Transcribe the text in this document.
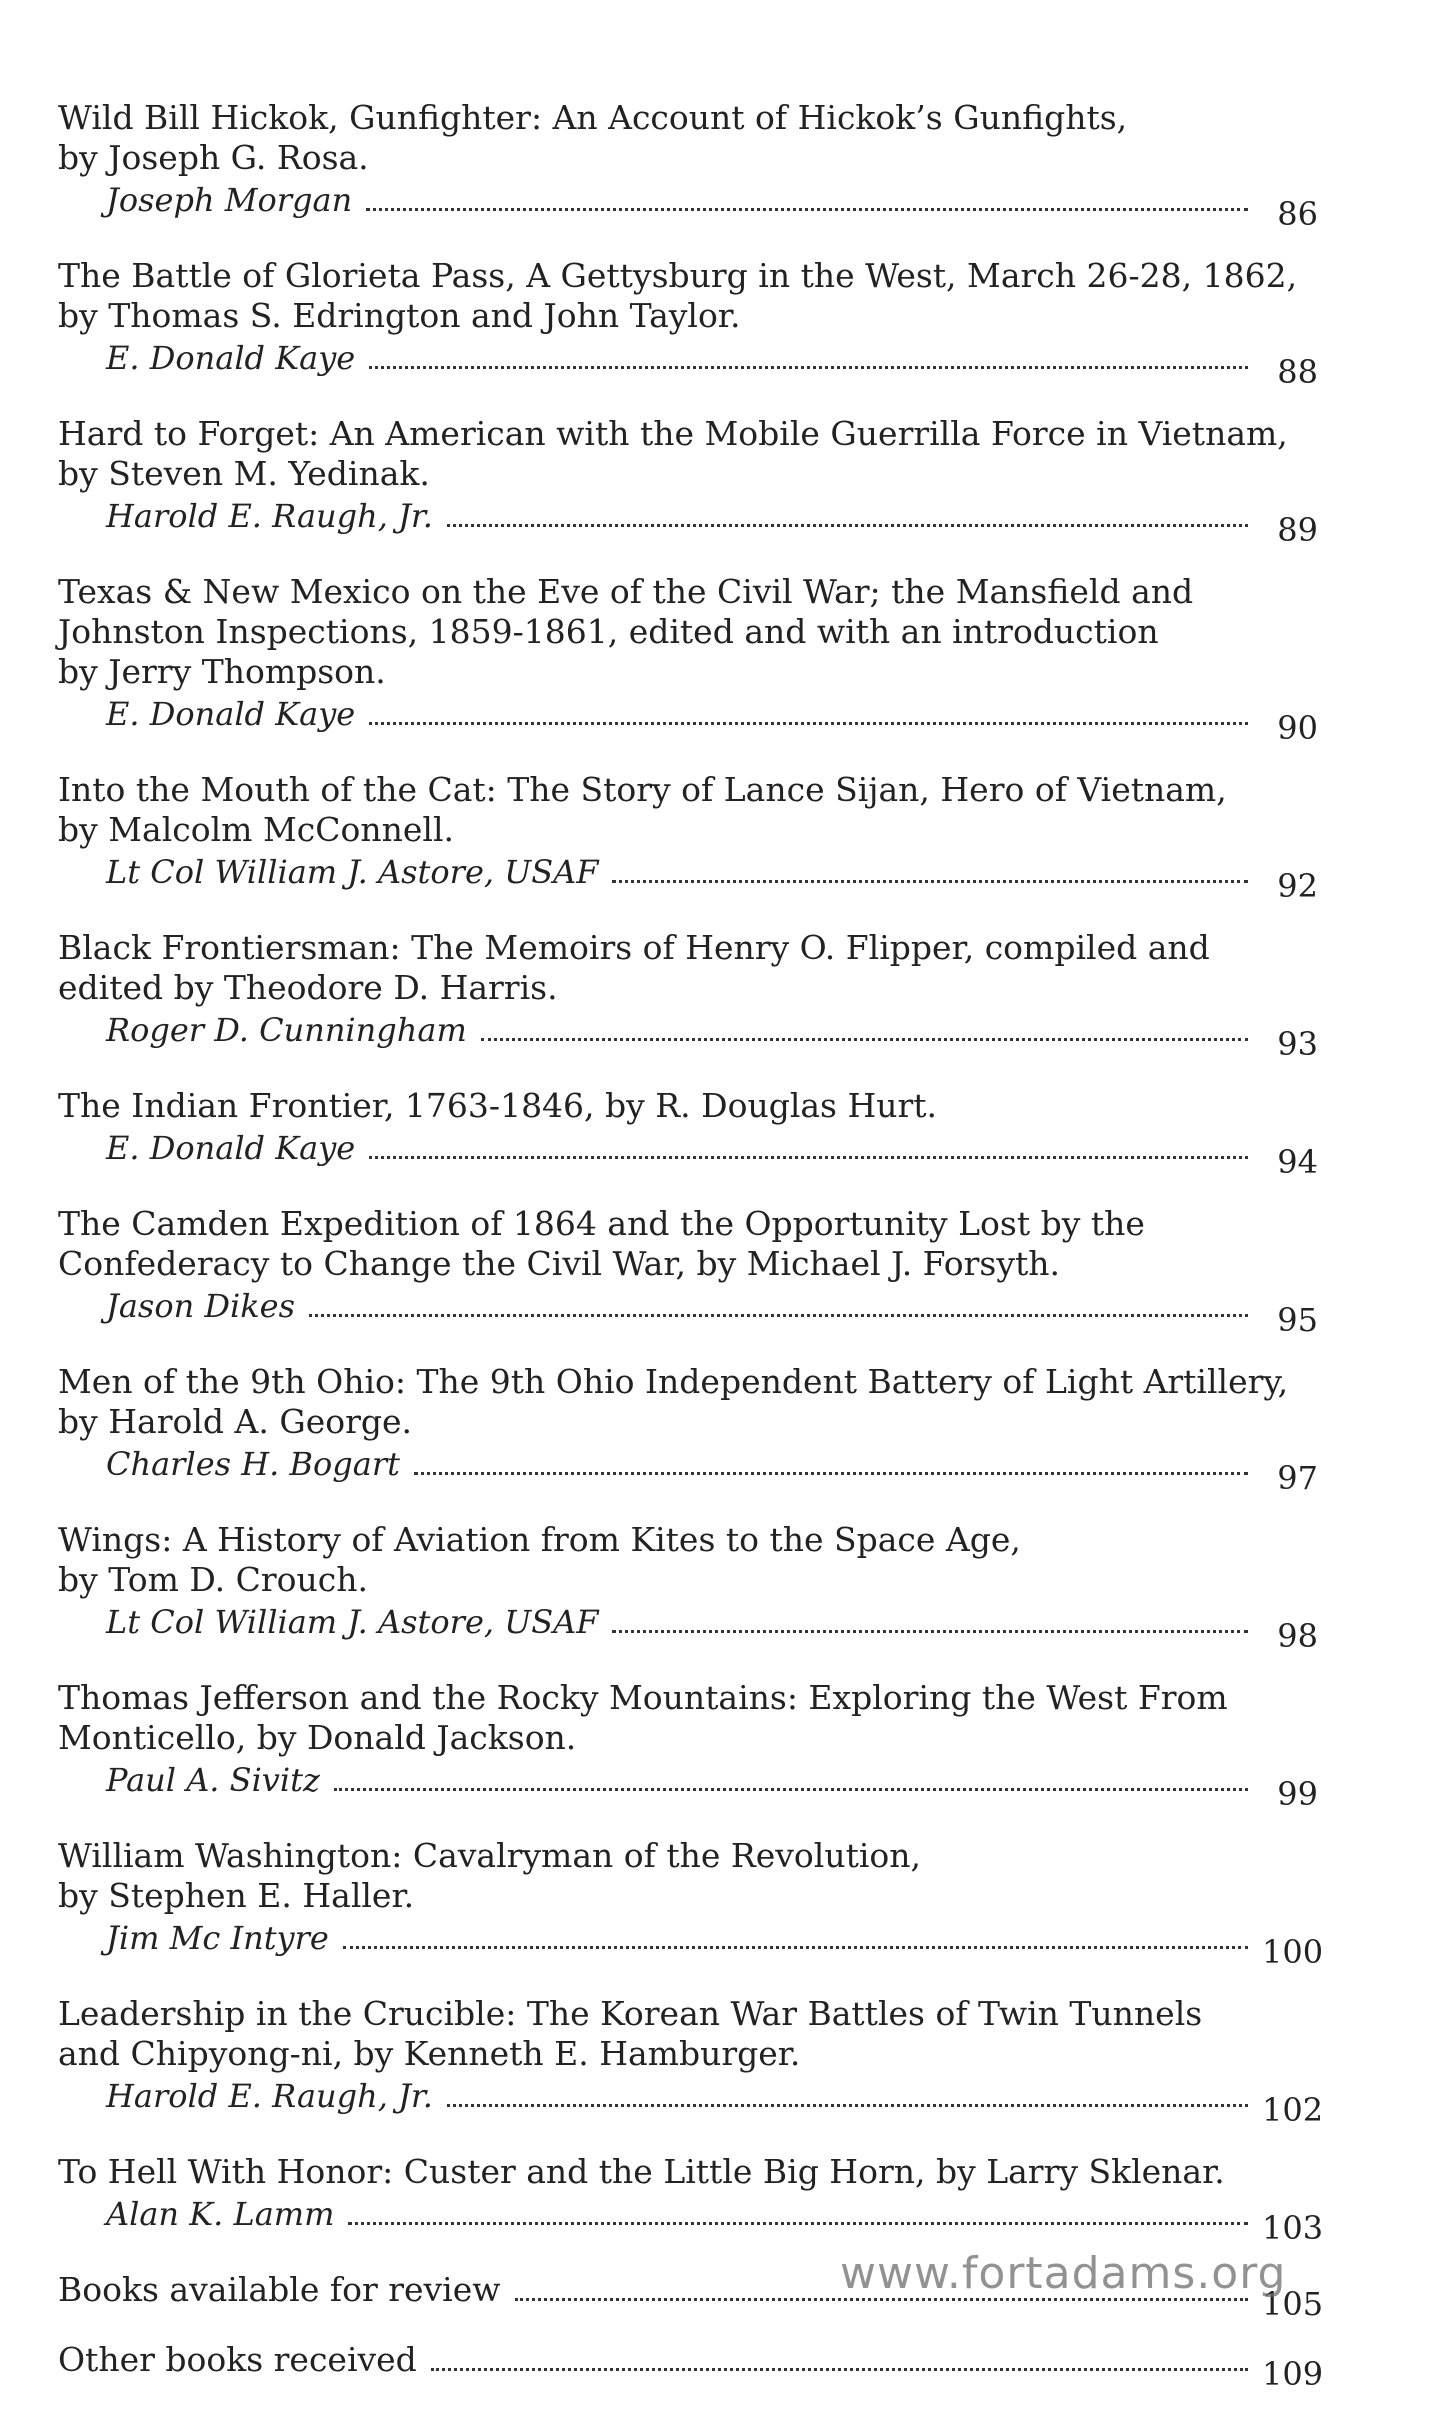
Wild Bill Hickok, Gunfighter: An Account of Hickok’s Gunfights,
by Joseph G. Rosa.
Joseph Morgan	86
The Battle of Glorieta Pass, A Gettysburg in the West, March 26-28, 1862,
by Thomas S. Edrington and John Taylor.
E. Donald Kaye	88
Hard to Forget: An American with the Mobile Guerrilla Force in Vietnam,
by Steven M. Yedinak.
Harold E. Raugh, Jr.	89
Texas & New Mexico on the Eve of the Civil War; the Mansfield and
Johnston Inspections, 1859-1861, edited and with an introduction
by Jerry Thompson.
E. Donald Kaye	90
Into the Mouth of the Cat: The Story of Lance Sijan, Hero of Vietnam,
by Malcolm McConnell.
Lt Col William J. Astore, USAF	92
Black Frontiersman: The Memoirs of Henry O. Flipper, compiled and
edited by Theodore D. Harris.
Roger D. Cunningham	93
The Indian Frontier, 1763-1846, by R. Douglas Hurt.
E. Donald Kaye	94
The Camden Expedition of 1864 and the Opportunity Lost by the
Confederacy to Change the Civil War, by Michael J. Forsyth.
Jason Dikes	95
Men of the 9th Ohio: The 9th Ohio Independent Battery of Light Artillery,
by Harold A. George.
Charles H. Bogart	97
Wings: A History of Aviation from Kites to the Space Age,
by Tom D. Crouch.
Lt Col William J. Astore, USAF	98
Thomas Jefferson and the Rocky Mountains: Exploring the West From
Monticello, by Donald Jackson.
Paul A. Sivitz	99
William Washington: Cavalryman of the Revolution,
by Stephen E. Haller.
Jim Mc Intyre	100
Leadership in the Crucible: The Korean War Battles of Twin Tunnels
and Chipyong-ni, by Kenneth E. Hamburger.
Harold E. Raugh, Jr.	102
To Hell With Honor: Custer and the Little Big Horn, by Larry Sklenar.
Alan K. Lamm	103
Books available for review	105
Other books received	109
www.fortadams.org
